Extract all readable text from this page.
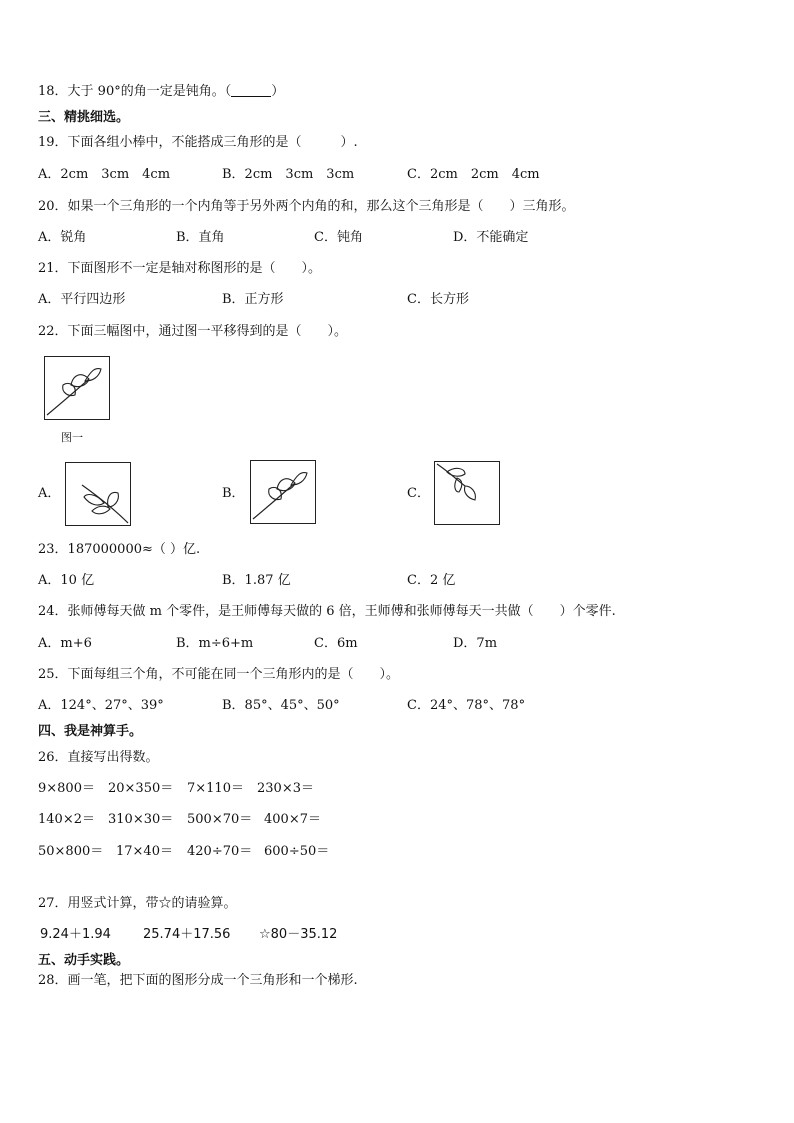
18．大于 90°的角一定是钝角。（	）
三、精挑细选。
19．下面各组小棒中，不能搭成三角形的是（　　　）.
A．2cm　3cm　4cm	B．2cm　3cm　3cm	C．2cm　2cm　4cm
20．如果一个三角形的一个内角等于另外两个内角的和，那么这个三角形是（　　）三角形。
A．锐角	B．直角	C．钝角	D．不能确定
21．下面图形不一定是轴对称图形的是（　　）。
A．平行四边形	B．正方形	C．长方形
22．下面三幅图中，通过图一平移得到的是（　　）。
图一
A．	B．	C．
23．187000000≈（ ）亿.
A．10 亿	B．1.87 亿	C．2 亿
24．张师傅每天做 m 个零件，是王师傅每天做的 6 倍，王师傅和张师傅每天一共做（　　）个零件.
A．m+6	B．m÷6+m	C．6m	D．7m
25．下面每组三个角，不可能在同一个三角形内的是（　　）。
A．124°、27°、39°	B．85°、45°、50°	C．24°、78°、78°
四、我是神算手。
26．直接写出得数。
9×800＝ 20×350＝ 7×110＝ 230×3＝
140×2＝ 310×30＝ 500×70＝ 400×7＝
50×800＝ 17×40＝ 420÷70＝ 600÷50＝
27．用竖式计算，带☆的请验算。
9.24＋1.94 25.74＋17.56 ☆80－35.12
五、动手实践。
28．画一笔，把下面的图形分成一个三角形和一个梯形.
